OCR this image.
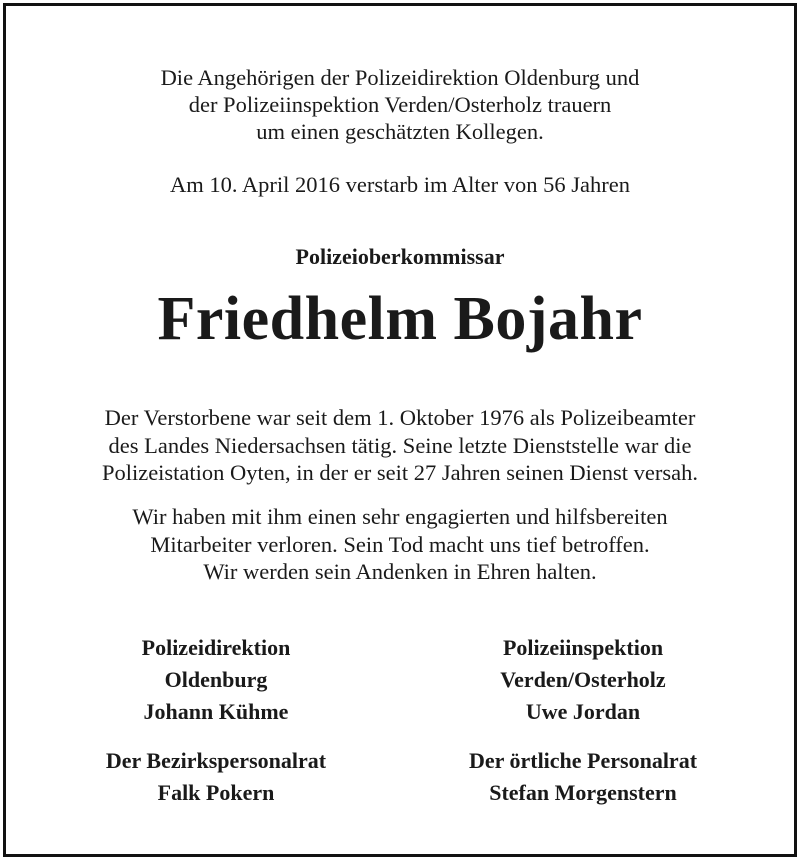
Die Angehörigen der Polizeidirektion Oldenburg und
der Polizeiinspektion Verden/Osterholz trauern
um einen geschätzten Kollegen.
Am 10. April 2016 verstarb im Alter von 56 Jahren
Polizeioberkommissar
Friedhelm Bojahr
Der Verstorbene war seit dem 1. Oktober 1976 als Polizeibeamter
des Landes Niedersachsen tätig. Seine letzte Dienststelle war die
Polizeistation Oyten, in der er seit 27 Jahren seinen Dienst versah.
Wir haben mit ihm einen sehr engagierten und hilfsbereiten
Mitarbeiter verloren. Sein Tod macht uns tief betroffen.
Wir werden sein Andenken in Ehren halten.
Polizeidirektion
Oldenburg
Johann Kühme
Polizeiinspektion
Verden/Osterholz
Uwe Jordan
Der Bezirkspersonalrat
Falk Pokern
Der örtliche Personalrat
Stefan Morgenstern
